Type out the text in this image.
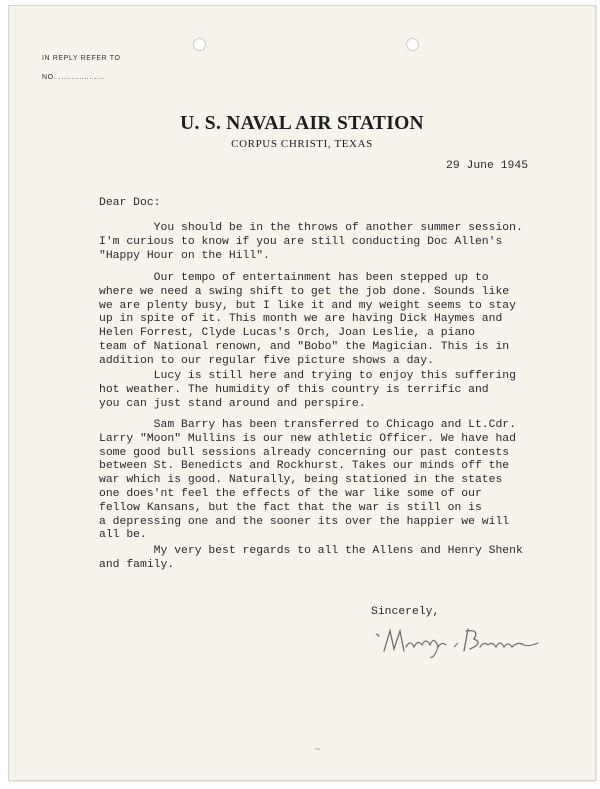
IN REPLY REFER TO
NO. ..................
U. S. NAVAL AIR STATION
CORPUS CHRISTI, TEXAS
29 June 1945
Dear Doc:
You should be in the throws of another summer session.
I'm curious to know if you are still conducting Doc Allen's
"Happy Hour on the Hill".
Our tempo of entertainment has been stepped up to
where we need a swing shift to get the job done. Sounds like
we are plenty busy, but I like it and my weight seems to stay
up in spite of it. This month we are having Dick Haymes and
Helen Forrest, Clyde Lucas's Orch, Joan Leslie, a piano
team of National renown, and "Bobo" the Magician. This is in
addition to our regular five picture shows a day.
Lucy is still here and trying to enjoy this suffering
hot weather. The humidity of this country is terrific and
you can just stand around and perspire.
Sam Barry has been transferred to Chicago and Lt.Cdr.
Larry "Moon" Mullins is our new athletic Officer. We have had
some good bull sessions already concerning our past contests
between St. Benedicts and Rockhurst. Takes our minds off the
war which is good. Naturally, being stationed in the states
one does'nt feel the effects of the war like some of our
fellow Kansans, but the fact that the war is still on is
a depressing one and the sooner its over the happier we will
all be.
My very best regards to all the Allens and Henry Shenk
and family.
Sincerely,
~
